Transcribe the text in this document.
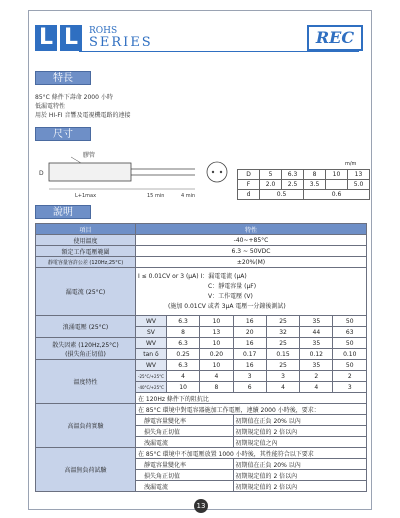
L L	ROHS
SERIES	REC
特長
85°C 條件下壽命 2000 小時
低漏電特性
用於 HI-FI 音響及電視機電路的連接
尺寸
膠管
D
L+1max	15 min	4 min
m/m
D	5	6.3	8	10	13
F	2.0	2.5	3.5		5.0
d	0.5		0.6		
說明
項目	特性						
使用溫度	-40~+85°C						
額定工作電壓範圍	6.3 ~ 50VDC						
靜電容量容許公差 (120Hz,25°C)	±20%(M)						
漏電流 (25°C)	I ≤ 0.01CV or 3 (μA) I：漏電電流 (μA)
C：靜電容量 (μF)
V：工作電壓 (V)
(施加 0.01CV 或者 3μA 電壓一分鐘後測試)						

浪涌電壓 (25°C)	WV	6.3	10	16	25	35	50
	SV	8	13	20	32	44	63

散失因素 (120Hz,25°C)
(損失角正切值)	WV	6.3	10	16	25	35	50
	tan δ	0.25	0.20	0.17	0.15	0.12	0.10
溫度特性	WV	6.3	10	16	25	35	50
	-25°C/+25°C	4	4	3	3	2	2
	-40°C/+25°C	10	8	6	4	4	3
	在 120Hz 條件下的阻抗比						
高溫負荷實驗	在 85°C 環境中對電容器施加工作電壓，連續 2000 小時後，要求：						
	靜電容量變化率			初期值在正負 20% 以內			
	損失角正切值			初期規定值的 2 倍以內			
	洩漏電流			初期規定值之內			
高溫無負荷試驗	在 85°C 環境中不加電壓放置 1000 小時後，其性能符合以下要求						
	靜電容量變化率			初期值在正負 20% 以內			
	損失角正切值			初期規定值的 2 倍以內			
	洩漏電流			初期規定值的 2 倍以內			
13
